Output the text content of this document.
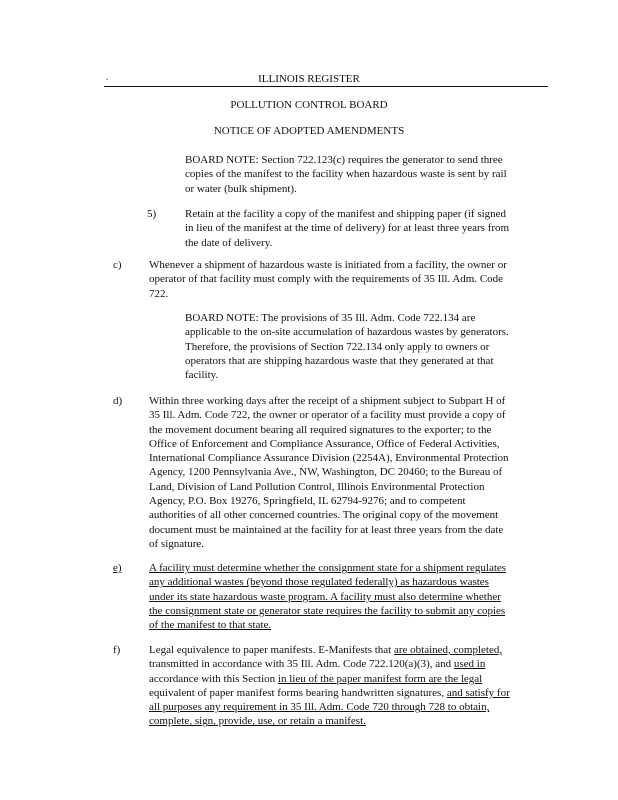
.	ILLINOIS REGISTER
POLLUTION CONTROL BOARD
NOTICE OF ADOPTED AMENDMENTS
BOARD NOTE: Section 722.123(c) requires the generator to send three
copies of the manifest to the facility when hazardous waste is sent by rail
or water (bulk shipment).
5)	Retain at the facility a copy of the manifest and shipping paper (if signed
in lieu of the manifest at the time of delivery) for at least three years from
the date of delivery.
c) Whenever a shipment of hazardous waste is initiated from a facility, the owner or
operator of that facility must comply with the requirements of 35 Ill. Adm. Code
722.
BOARD NOTE: The provisions of 35 Ill. Adm. Code 722.134 are
applicable to the on-site accumulation of hazardous wastes by generators.
Therefore, the provisions of Section 722.134 only apply to owners or
operators that are shipping hazardous waste that they generated at that
facility.
d) Within three working days after the receipt of a shipment subject to Subpart H of
35 Ill. Adm. Code 722, the owner or operator of a facility must provide a copy of
the movement document bearing all required signatures to the exporter; to the
Office of Enforcement and Compliance Assurance, Office of Federal Activities,
International Compliance Assurance Division (2254A), Environmental Protection
Agency, 1200 Pennsylvania Ave., NW, Washington, DC 20460; to the Bureau of
Land, Division of Land Pollution Control, Illinois Environmental Protection
Agency, P.O. Box 19276, Springfield, IL 62794-9276; and to competent
authorities of all other concerned countries. The original copy of the movement
document must be maintained at the facility for at least three years from the date
of signature.
e) A facility must determine whether the consignment state for a shipment regulates
any additional wastes (beyond those regulated federally) as hazardous wastes
under its state hazardous waste program. A facility must also determine whether
the consignment state or generator state requires the facility to submit any copies
of the manifest to that state.
f)	Legal equivalence to paper manifests. E-Manifests that are obtained, completed,
transmitted in accordance with 35 Ill. Adm. Code 722.120(a)(3), and used in
accordance with this Section in lieu of the paper manifest form are the legal
equivalent of paper manifest forms bearing handwritten signatures, and satisfy for
all purposes any requirement in 35 Ill. Adm. Code 720 through 728 to obtain,
complete, sign, provide, use, or retain a manifest.
